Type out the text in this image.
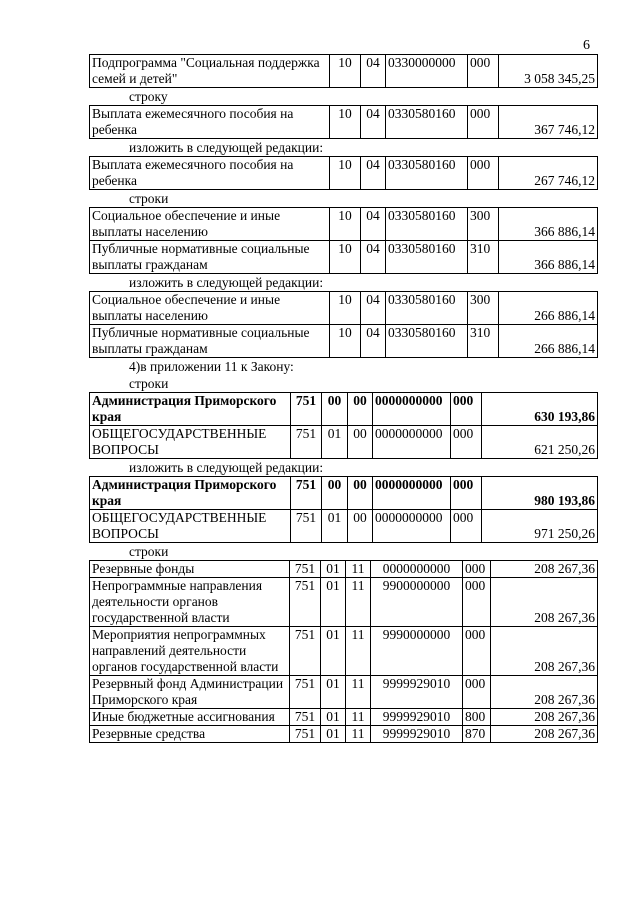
6
Подпрограмма "Социальная поддержка семей и детей"	10	04	0330000000	000	3 058 345,25
строку
Выплата ежемесячного пособия на ребенка	10	04	0330580160	000	367 746,12
изложить в следующей редакции:
Выплата ежемесячного пособия на ребенка	10	04	0330580160	000	267 746,12
строки
Социальное обеспечение и иные выплаты населению	10	04	0330580160	300	366 886,14
Публичные нормативные социальные выплаты гражданам	10	04	0330580160	310	366 886,14
изложить в следующей редакции:
Социальное обеспечение и иные выплаты населению	10	04	0330580160	300	266 886,14
Публичные нормативные социальные выплаты гражданам	10	04	0330580160	310	266 886,14
4)в приложении 11 к Закону:
строки
Администрация Приморского края	751	00	00	0000000000	000	630 193,86
ОБЩЕГОСУДАРСТВЕННЫЕ ВОПРОСЫ	751	01	00	0000000000	000	621 250,26
изложить в следующей редакции:
Администрация Приморского края	751	00	00	0000000000	000	980 193,86
ОБЩЕГОСУДАРСТВЕННЫЕ ВОПРОСЫ	751	01	00	0000000000	000	971 250,26
строки
Резервные фонды	751	01	11	0000000000	000	208 267,36
Непрограммные направления деятельности органов государственной власти	751	01	11	9900000000	000	208 267,36
Мероприятия непрограммных направлений деятельности органов государственной власти	751	01	11	9990000000	000	208 267,36
Резервный фонд Администрации Приморского края	751	01	11	9999929010	000	208 267,36
Иные бюджетные ассигнования	751	01	11	9999929010	800	208 267,36
Резервные средства	751	01	11	9999929010	870	208 267,36
